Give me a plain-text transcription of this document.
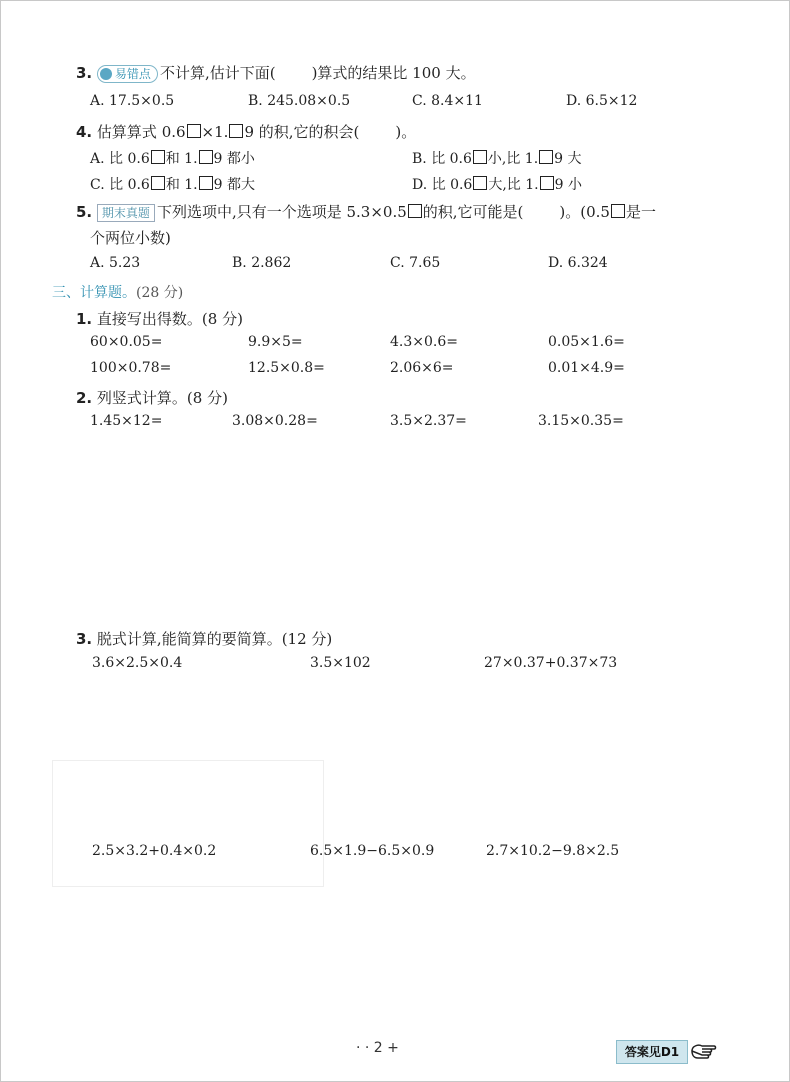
3. 易错点 不计算,估计下面( )算式的结果比 100 大。
A. 17.5×0.5	B. 245.08×0.5	C. 8.4×11	D. 6.5×12
4. 估算算式 0.6 ×1. 9 的积,它的积会( )。
A. 比 0.6 和 1. 9 都小	B. 比 0.6 小,比 1. 9 大
C. 比 0.6 和 1. 9 都大	D. 比 0.6 大,比 1. 9 小
5. 期末真题 下列选项中,只有一个选项是 5.3×0.5 的积,它可能是( )。(0.5 是一
个两位小数)
A. 5.23	B. 2.862	C. 7.65	D. 6.324
三、计算题。(28 分)
1. 直接写出得数。(8 分)
60×0.05=	9.9×5=	4.3×0.6=	0.05×1.6=
100×0.78=	12.5×0.8=	2.06×6=	0.01×4.9=
2. 列竖式计算。(8 分)
1.45×12=	3.08×0.28=	3.5×2.37=	3.15×0.35=
3. 脱式计算,能简算的要简算。(12 分)
3.6×2.5×0.4	3.5×102	27×0.37+0.37×73
2.5×3.2+0.4×0.2	6.5×1.9−6.5×0.9	2.7×10.2−9.8×2.5
· · 2 +	答案见D1
